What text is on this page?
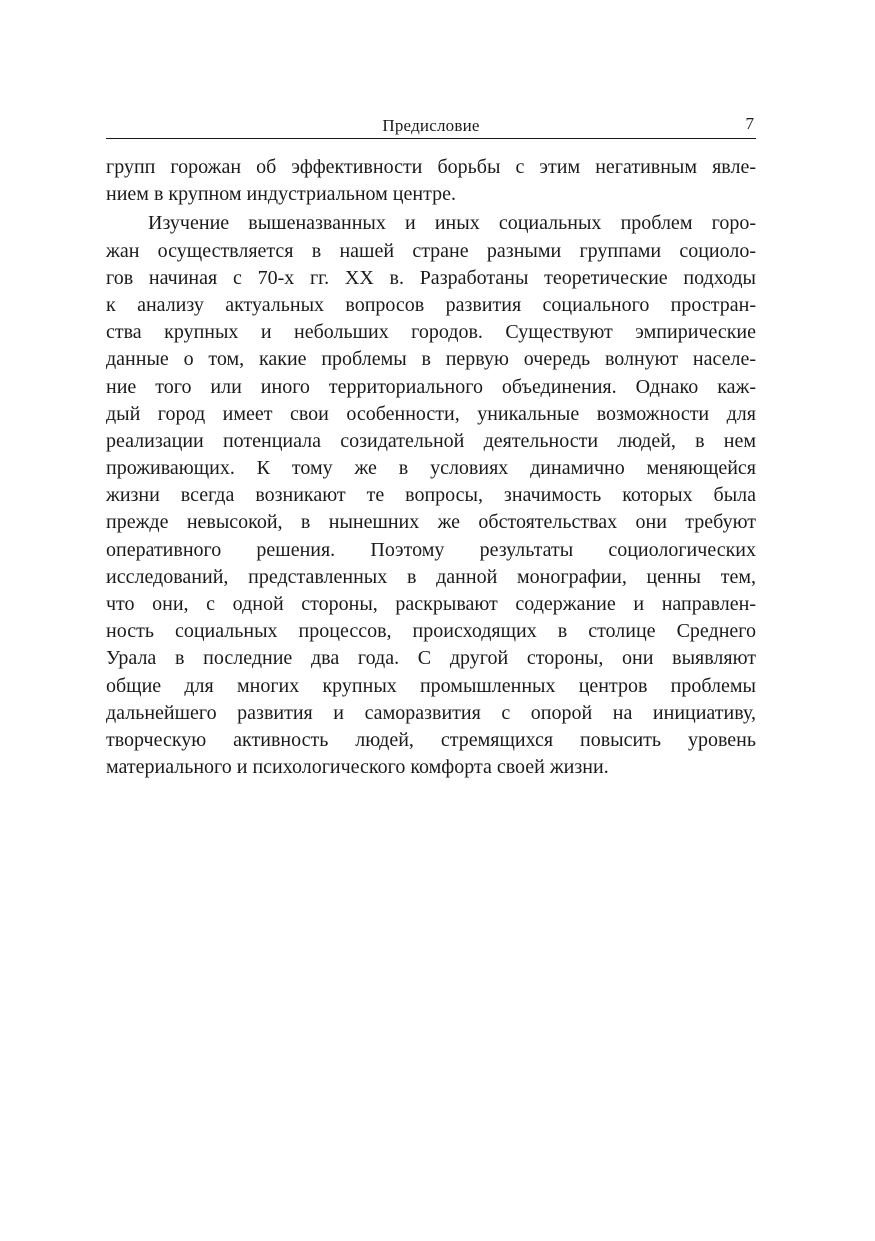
Предисловие	7
групп горожан об эффективности борьбы с этим негативным явле-
нием в крупном индустриальном центре.
Изучение вышеназванных и иных социальных проблем горо-
жан осуществляется в нашей стране разными группами социоло-
гов начиная с 70-х гг. XX в. Разработаны теоретические подходы
к анализу актуальных вопросов развития социального простран-
ства крупных и небольших городов. Существуют эмпирические
данные о том, какие проблемы в первую очередь волнуют населе-
ние того или иного территориального объединения. Однако каж-
дый город имеет свои особенности, уникальные возможности для
реализации потенциала созидательной деятельности людей, в нем
проживающих. К тому же в условиях динамично меняющейся
жизни всегда возникают те вопросы, значимость которых была
прежде невысокой, в нынешних же обстоятельствах они требуют
оперативного решения. Поэтому результаты социологических
исследований, представленных в данной монографии, ценны тем,
что они, с одной стороны, раскрывают содержание и направлен-
ность социальных процессов, происходящих в столице Среднего
Урала в последние два года. С другой стороны, они выявляют
общие для многих крупных промышленных центров проблемы
дальнейшего развития и саморазвития с опорой на инициативу,
творческую активность людей, стремящихся повысить уровень
материального и психологического комфорта своей жизни.
